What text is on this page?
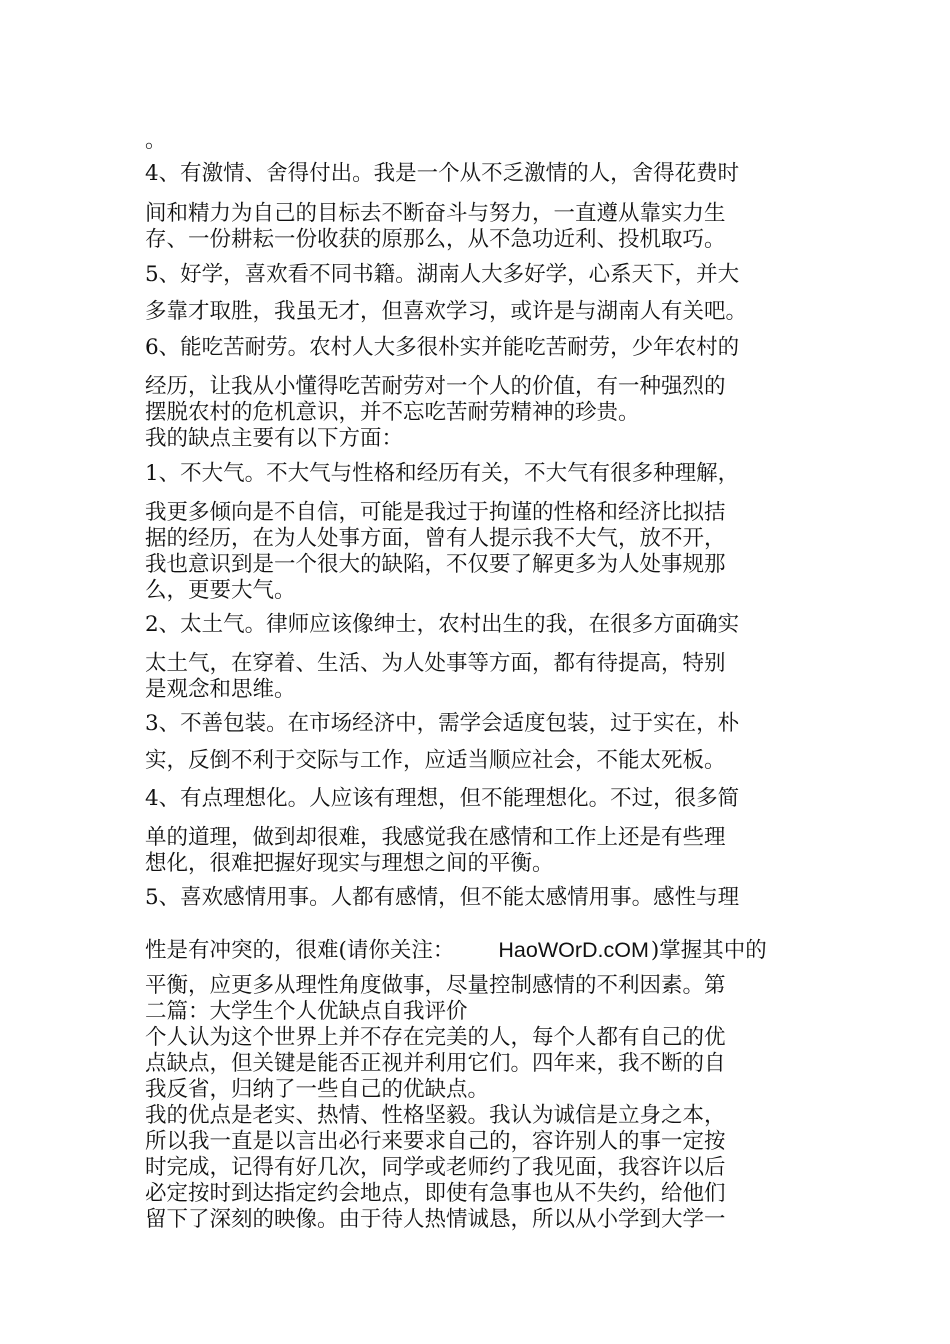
。
4、有激情、舍得付出。我是一个从不乏激情的人，舍得花费时
间和精力为自己的目标去不断奋斗与努力，一直遵从靠实力生
存、一份耕耘一份收获的原那么，从不急功近利、投机取巧。
5、好学，喜欢看不同书籍。湖南人大多好学，心系天下，并大
多靠才取胜，我虽无才，但喜欢学习，或许是与湖南人有关吧。
6、能吃苦耐劳。农村人大多很朴实并能吃苦耐劳，少年农村的
经历，让我从小懂得吃苦耐劳对一个人的价值，有一种强烈的
摆脱农村的危机意识，并不忘吃苦耐劳精神的珍贵。
我的缺点主要有以下方面：
1、不大气。不大气与性格和经历有关，不大气有很多种理解，
我更多倾向是不自信，可能是我过于拘谨的性格和经济比拟拮
据的经历，在为人处事方面，曾有人提示我不大气，放不开，
我也意识到是一个很大的缺陷，不仅要了解更多为人处事规那
么，更要大气。
2、太土气。律师应该像绅士，农村出生的我，在很多方面确实
太土气，在穿着、生活、为人处事等方面，都有待提高，特别
是观念和思维。
3、不善包装。在市场经济中，需学会适度包装，过于实在，朴
实，反倒不利于交际与工作，应适当顺应社会，不能太死板。
4、有点理想化。人应该有理想，但不能理想化。不过，很多简
单的道理，做到却很难，我感觉我在感情和工作上还是有些理
想化，很难把握好现实与理想之间的平衡。
5、喜欢感情用事。人都有感情，但不能太感情用事。感性与理
性是有冲突的，很难(请你关注： HaoWOrD.cOM)掌握其中的
平衡，应更多从理性角度做事，尽量控制感情的不利因素。第
二篇：大学生个人优缺点自我评价
个人认为这个世界上并不存在完美的人，每个人都有自己的优
点缺点，但关键是能否正视并利用它们。四年来，我不断的自
我反省，归纳了一些自己的优缺点。
我的优点是老实、热情、性格坚毅。我认为诚信是立身之本，
所以我一直是以言出必行来要求自己的，容许别人的事一定按
时完成，记得有好几次，同学或老师约了我见面，我容许以后
必定按时到达指定约会地点，即使有急事也从不失约，给他们
留下了深刻的映像。由于待人热情诚恳，所以从小学到大学一
